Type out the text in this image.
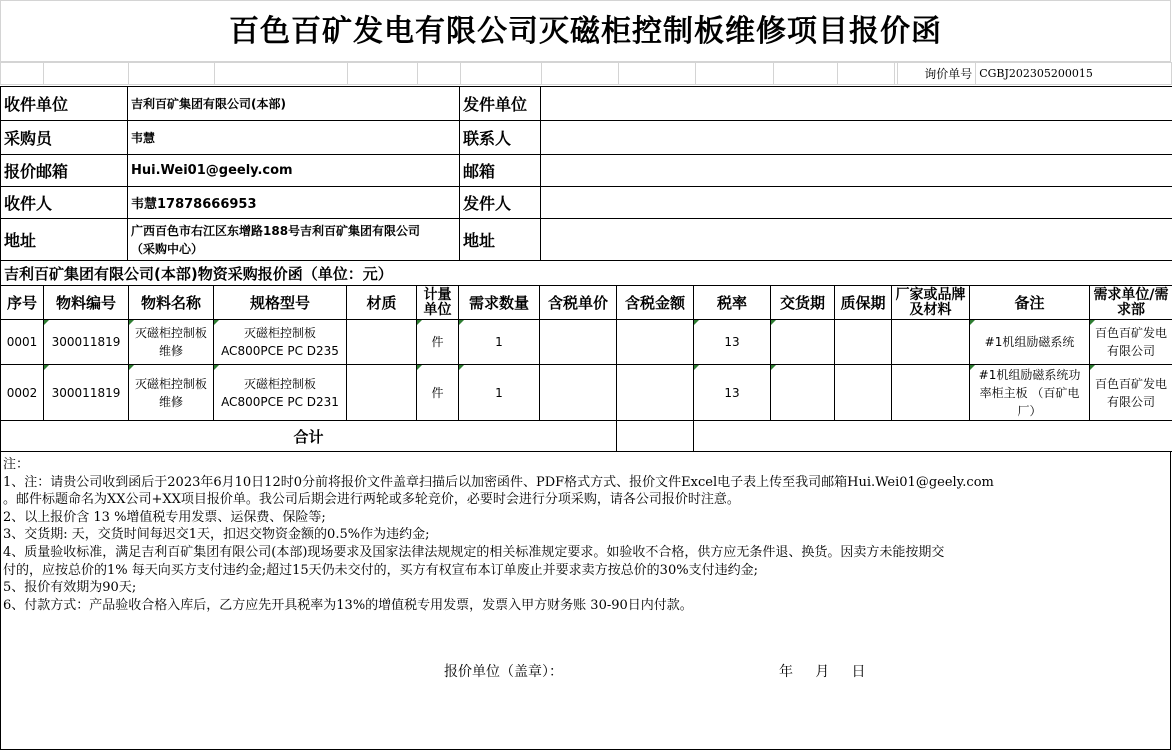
百色百矿发电有限公司灭磁柜控制板维修项目报价函
													询价单号	CGBJ202305200015
收件单位	吉利百矿集团有限公司(本部)	发件单位	
采购员	韦慧	联系人	
报价邮箱	Hui.Wei01@geely.com	邮箱	
收件人	韦慧17878666953	发件人	
地址	广西百色市右江区东增路188号吉利百矿集团有限公司
（采购中心）	地址	
吉利百矿集团有限公司(本部)物资采购报价函（单位：元）			
序号	物料编号	物料名称	规格型号	材质	计量单位	需求数量	含税单价	含税金额	税率	交货期	质保期	厂家或品牌及材料	备注	需求单位/需求部
0001	300011819	灭磁柜控制板维修	灭磁柜控制板
AC800PCE PC D235		件	1			13				#1机组励磁系统	百色百矿发电有限公司
0002	300011819	灭磁柜控制板维修	灭磁柜控制板
AC800PCE PC D231		件	1			13				#1机组励磁系统功率柜主板 （百矿电厂）	百色百矿发电有限公司
合计														

注：

1、注：请贵公司收到函后于2023年6月10日12时0分前将报价文件盖章扫描后以加密函件、PDF格式方式、报价文件Excel电子表上传至我司邮箱Hui.Wei01@geely.com

。邮件标题命名为XX公司+XX项目报价单。我公司后期会进行两轮或多轮竞价，必要时会进行分项采购，请各公司报价时注意。

2、以上报价含 13 %增值税专用发票、运保费、保险等;

3、交货期: 天，交货时间每迟交1天，扣迟交物资金额的0.5%作为违约金;

4、质量验收标准，满足吉利百矿集团有限公司(本部)现场要求及国家法律法规规定的相关标准规定要求。如验收不合格，供方应无条件退、换货。因卖方未能按期交

付的，应按总价的1% 每天向买方支付违约金;超过15天仍未交付的，买方有权宣布本订单废止并要求卖方按总价的30%支付违约金;

5、报价有效期为90天;

6、付款方式：产品验收合格入库后，乙方应先开具税率为13%的增值税专用发票，发票入甲方财务账 30-90日内付款。

报价单位（盖章）：	年     月     日
